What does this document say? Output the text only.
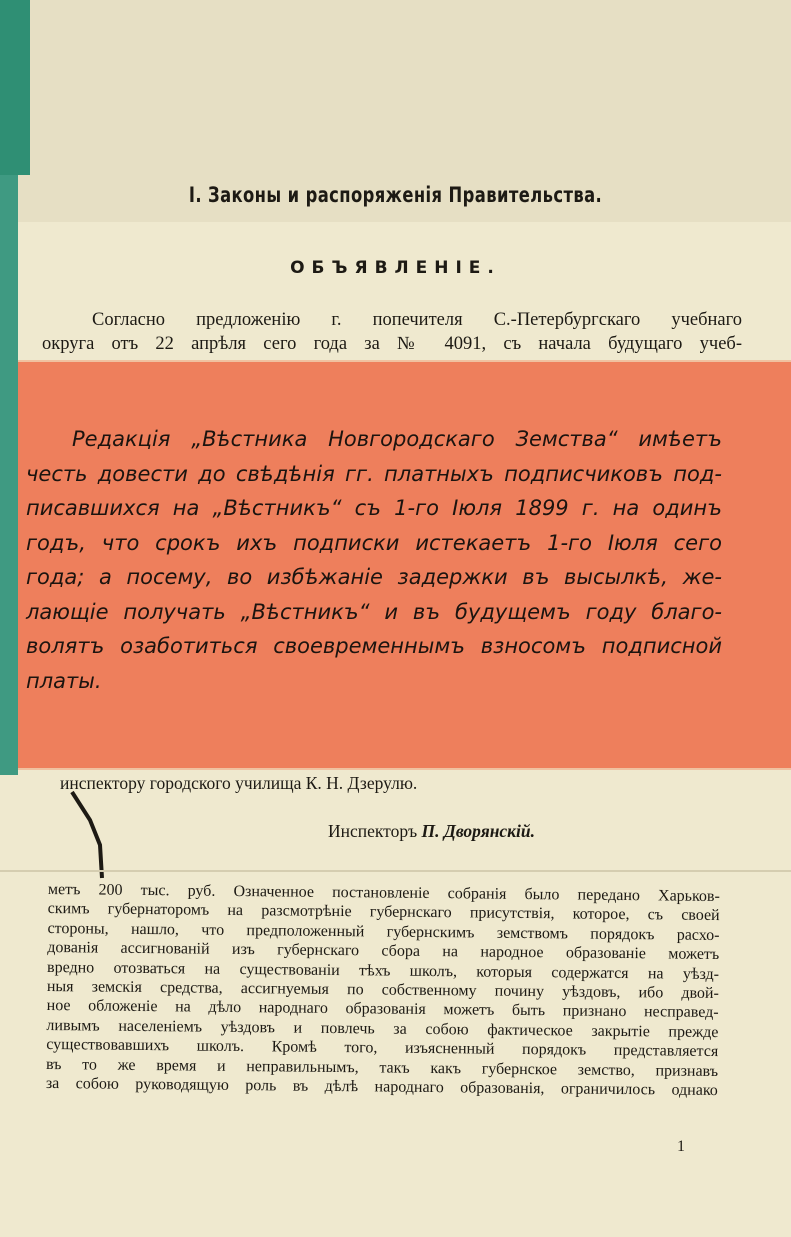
I. Законы и распоряженія Правительства.
ОБЪЯВЛЕНIЕ.
Согласно предложенію г. попечителя С.-Петербургскаго учебнаго
округа отъ 22 апрѣля сего года за № 4091, съ начала будущаго учеб-
Редакція „Вѣстника Новгородскаго Земства“ имѣетъ
честь довести до свѣдѣнія гг. платныхъ подписчиковъ под-
писавшихся на „Вѣстникъ“ съ 1-го Іюля 1899 г. на одинъ
годъ, что срокъ ихъ подписки истекаетъ 1-го Іюля сего
года; а посему, во избѣжаніе задержки въ высылкѣ, же-
лающіе получать „Вѣстникъ“ и въ будущемъ году благо-
волятъ озаботиться своевременнымъ взносомъ подписной
платы.
инспектору городского училища К. Н. Дзерулю.
Инспекторъ П. Дворянскій.
метъ 200 тыс. руб. Означенное постановленіе собранія было передано Харьков-
скимъ губернаторомъ на разсмотрѣніе губернскаго присутствія, которое, съ своей
стороны, нашло, что предположенный губернскимъ земствомъ порядокъ расхо-
дованія ассигнованій изъ губернскаго сбора на народное образованіе можетъ
вредно отозваться на существованіи тѣхъ школъ, которыя содержатся на уѣзд-
ныя земскія средства, ассигнуемыя по собственному почину уѣздовъ, ибо двой-
ное обложеніе на дѣло народнаго образованія можетъ быть признано несправед-
ливымъ населеніемъ уѣздовъ и повлечь за собою фактическое закрытіе прежде
существовавшихъ школъ. Кромѣ того, изъясненный порядокъ представляется
въ то же время и неправильнымъ, такъ какъ губернское земство, признавъ
за собою руководящую роль въ дѣлѣ народнаго образованія, ограничилось однако
1
